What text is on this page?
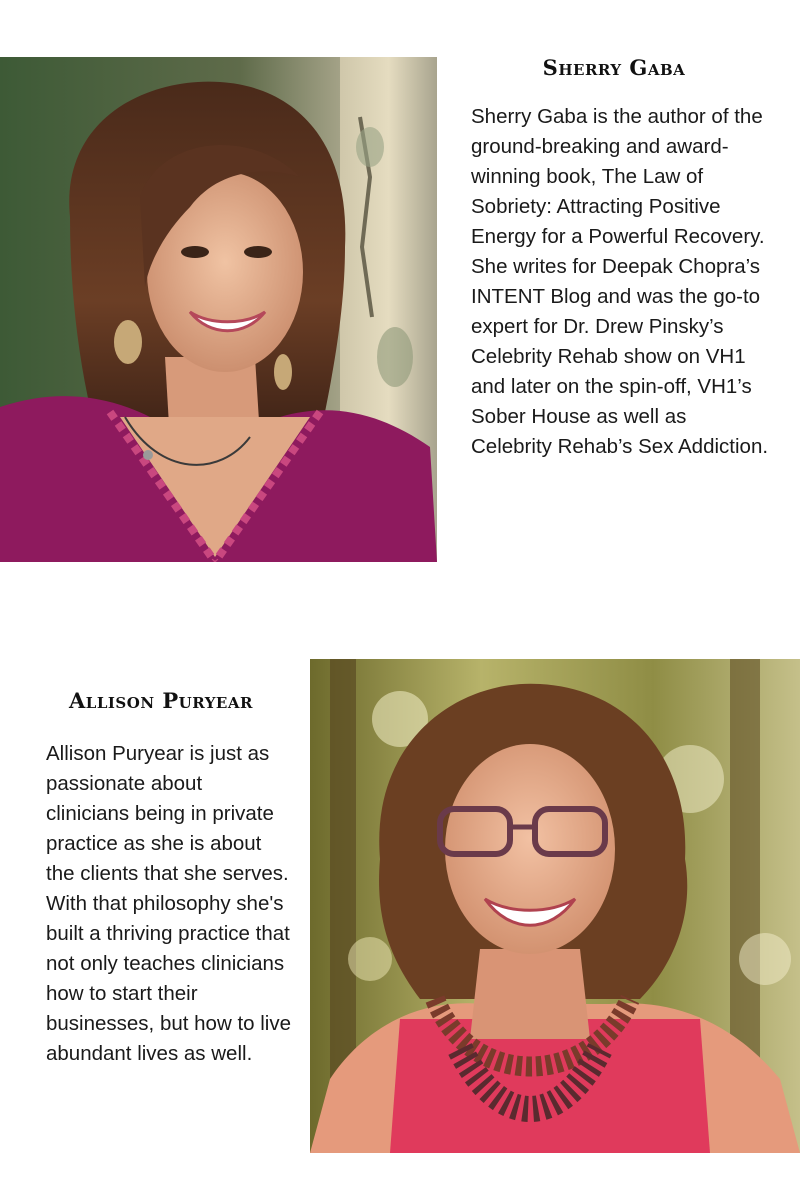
Sherry Gaba

Sherry Gaba is the author of the ground-breaking and award-winning book, The Law of Sobriety: Attracting Positive Energy for a Powerful Recovery. She writes for Deepak Chopra’s INTENT Blog and was the go-to expert for Dr. Drew Pinsky’s Celebrity Rehab show on VH1 and later on the spin-off, VH1’s Sober House as well as Celebrity Rehab’s Sex Addiction.

Allison Puryear

Allison Puryear is just as passionate about clinicians being in private practice as she is about the clients that she serves. With that philosophy she's built a thriving practice that not only teaches clinicians how to start their businesses, but how to live abundant lives as well.
